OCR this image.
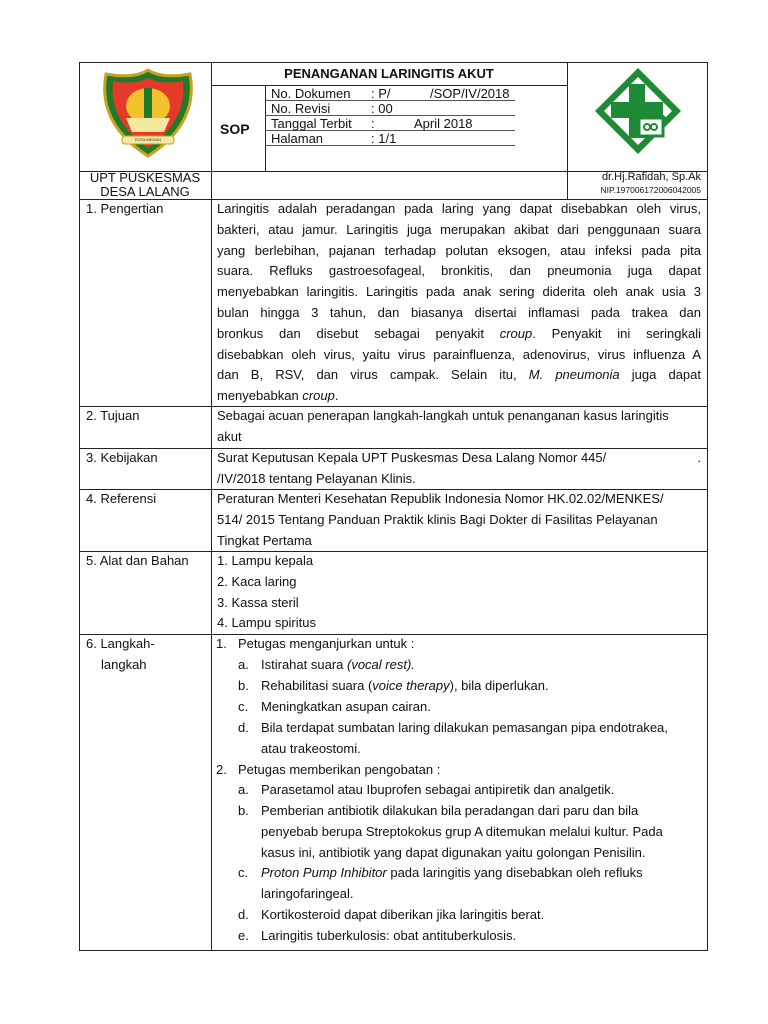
KOTA MEDAN
PENANGANAN LARINGITIS AKUT
SOP
No. Dokumen : P/	/SOP/IV/2018
No. Revisi	: 00
Tanggal Terbit :	April 2018
Halaman	: 1/1
UPT PUSKESMAS
DESA LALANG
dr.Hj.Rafidah, Sp.Ak
NIP.197006172006042005
1. Pengertian	Laringitis adalah peradangan pada laring yang dapat disebabkan oleh virus,
bakteri, atau jamur. Laringitis juga merupakan akibat dari penggunaan suara
yang berlebihan, pajanan terhadap polutan eksogen, atau infeksi pada pita
suara. Refluks gastroesofageal, bronkitis, dan pneumonia juga dapat
menyebabkan laringitis. Laringitis pada anak sering diderita oleh anak usia 3
bulan hingga 3 tahun, dan biasanya disertai inflamasi pada trakea dan
bronkus dan disebut sebagai penyakit croup. Penyakit ini seringkali
disebabkan oleh virus, yaitu virus parainfluenza, adenovirus, virus influenza A
dan B, RSV, dan virus campak. Selain itu, M. pneumonia juga dapat
menyebabkan croup.
2. Tujuan	Sebagai acuan penerapan langkah-langkah untuk penanganan kasus laringitis
akut
3. Kebijakan	Surat Keputusan Kepala UPT Puskesmas Desa Lalang Nomor 445/	.
/IV/2018 tentang Pelayanan Klinis.
4. Referensi	Peraturan Menteri Kesehatan Republik Indonesia Nomor HK.02.02/MENKES/
514/ 2015 Tentang Panduan Praktik klinis Bagi Dokter di Fasilitas Pelayanan
Tingkat Pertama
5. Alat dan Bahan 1. Lampu kepala
2. Kaca laring
3. Kassa steril
4. Lampu spiritus
6. Langkah-
langkah
1. Petugas menganjurkan untuk :
a. Istirahat suara (vocal rest).
b. Rehabilitasi suara (voice therapy), bila diperlukan.
c. Meningkatkan asupan cairan.
d. Bila terdapat sumbatan laring dilakukan pemasangan pipa endotrakea,
atau trakeostomi.
2. Petugas memberikan pengobatan :
a. Parasetamol atau Ibuprofen sebagai antipiretik dan analgetik.
b. Pemberian antibiotik dilakukan bila peradangan dari paru dan bila
penyebab berupa Streptokokus grup A ditemukan melalui kultur. Pada
kasus ini, antibiotik yang dapat digunakan yaitu golongan Penisilin.
c. Proton Pump Inhibitor pada laringitis yang disebabkan oleh refluks
laringofaringeal.
d. Kortikosteroid dapat diberikan jika laringitis berat.
e. Laringitis tuberkulosis: obat antituberkulosis.
